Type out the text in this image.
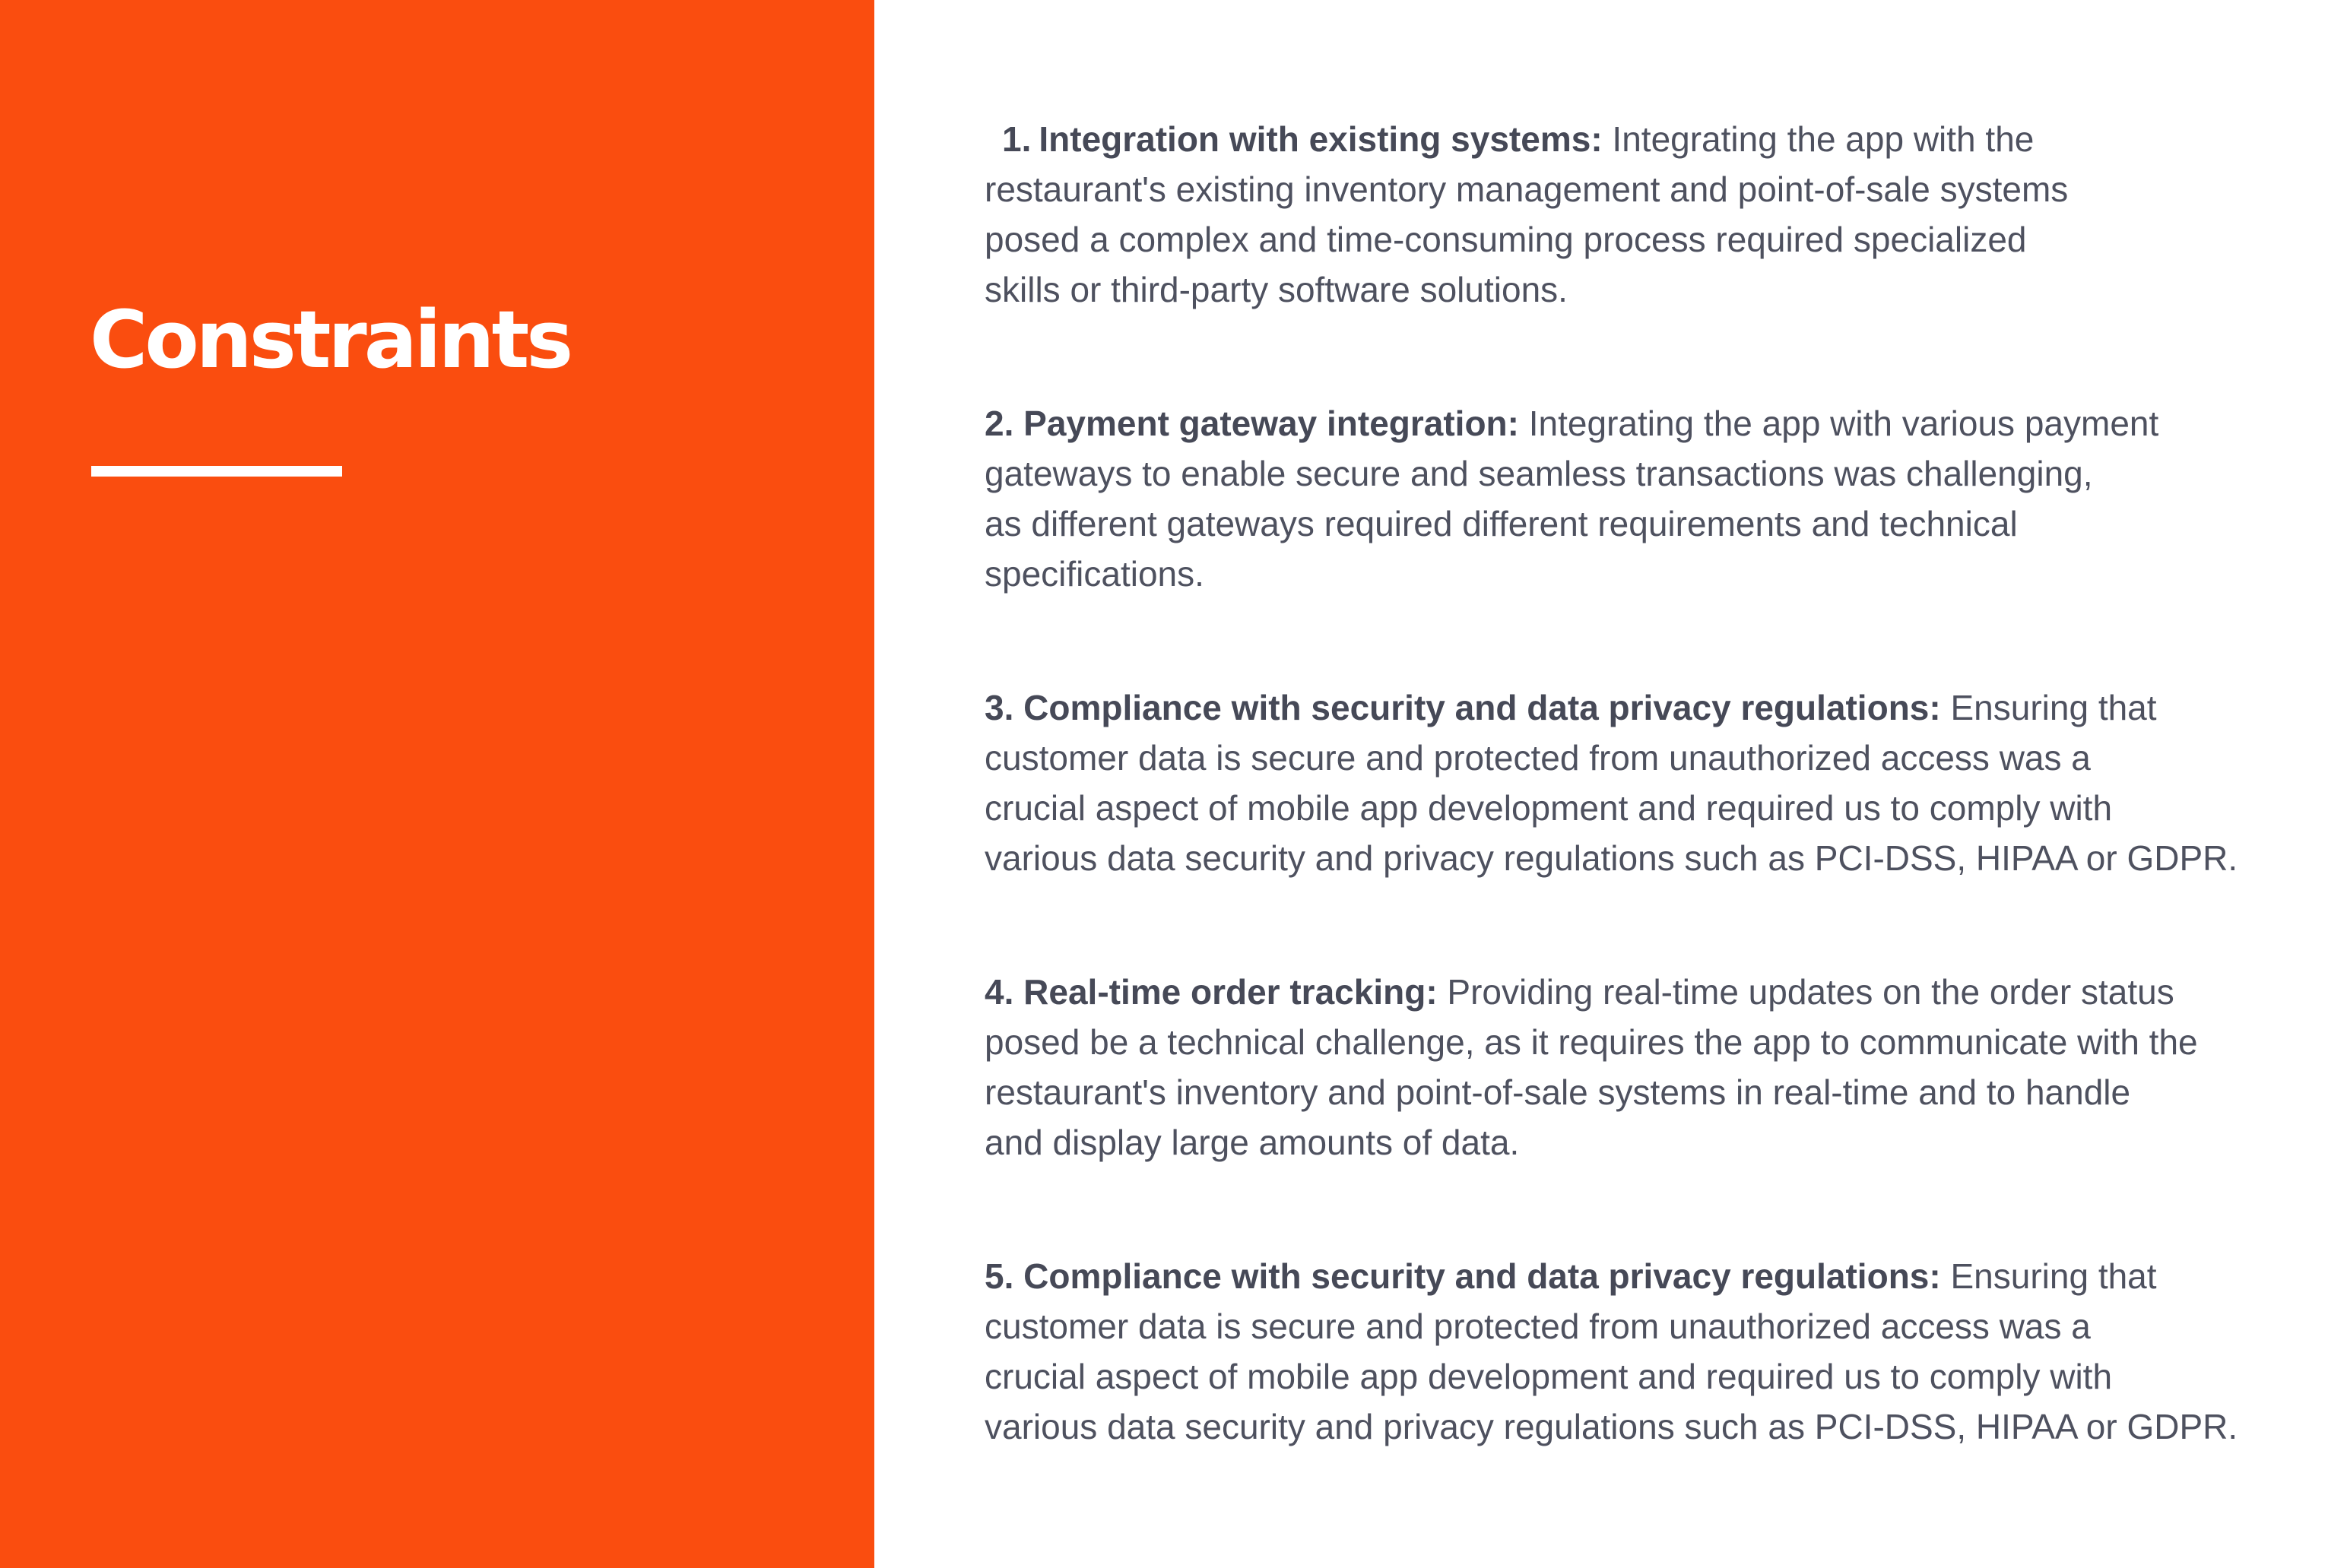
Constraints
1. Integration with existing systems: Integrating the app with the
restaurant's existing inventory management and point-of-sale systems
posed a complex and time-consuming process required specialized
skills or third-party software solutions.
2. Payment gateway integration: Integrating the app with various payment
gateways to enable secure and seamless transactions was challenging,
as different gateways required different requirements and technical
specifications.
3. Compliance with security and data privacy regulations: Ensuring that
customer data is secure and protected from unauthorized access was a
crucial aspect of mobile app development and required us to comply with
various data security and privacy regulations such as PCI-DSS, HIPAA or GDPR.
4. Real-time order tracking: Providing real-time updates on the order status
posed be a technical challenge, as it requires the app to communicate with the
restaurant's inventory and point-of-sale systems in real-time and to handle
and display large amounts of data.
5. Compliance with security and data privacy regulations: Ensuring that
customer data is secure and protected from unauthorized access was a
crucial aspect of mobile app development and required us to comply with
various data security and privacy regulations such as PCI-DSS, HIPAA or GDPR.
